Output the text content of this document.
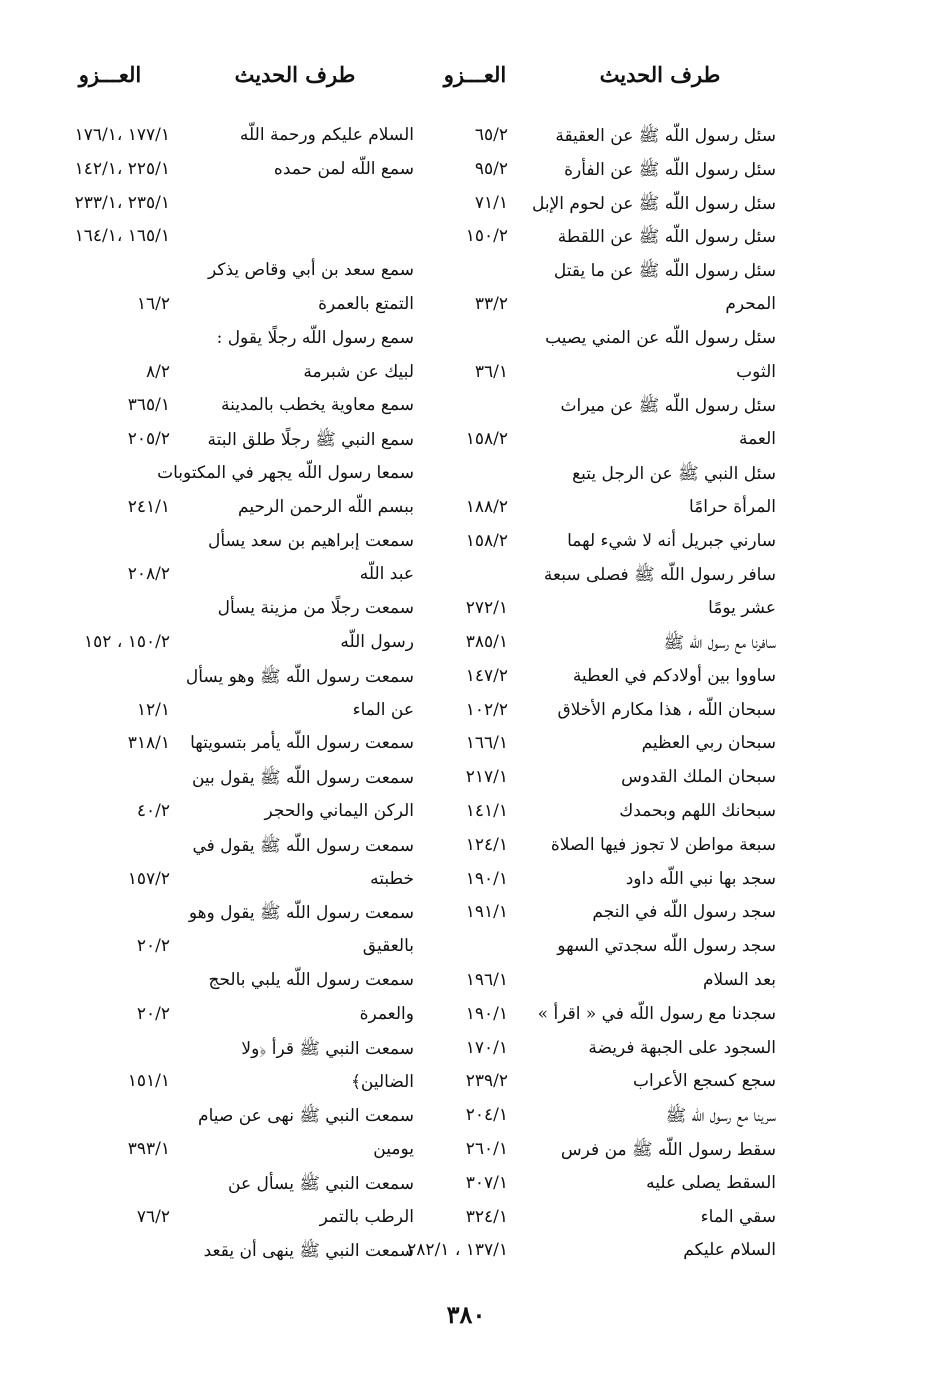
طرف الحديث
العـــزو
طرف الحديث
العـــزو
سئل رسول اللّه ﷺ عن العقيقة
٦٥/٢
السلام عليكم ورحمة اللّه
١٧٧/١ ،١٧٦/١
سئل رسول اللّه ﷺ عن الفأرة
٩٥/٢
سمع اللّه لمن حمده
٢٢٥/١ ،١٤٢/١
سئل رسول اللّه ﷺ عن لحوم الإبل
٧١/١
٢٣٥/١ ،٢٣٣/١
سئل رسول اللّه ﷺ عن اللقطة
١٥٠/٢
١٦٥/١ ،١٦٤/١
سئل رسول اللّه ﷺ عن ما يقتل
سمع سعد بن أبي وقاص يذكر
المحرم
٣٣/٢
التمتع بالعمرة
١٦/٢
سئل رسول اللّه عن المني يصيب
سمع رسول اللّه رجلًا يقول :
الثوب
٣٦/١
لبيك عن شبرمة
٨/٢
سئل رسول اللّه ﷺ عن ميراث
سمع معاوية يخطب بالمدينة
٣٦٥/١
العمة
١٥٨/٢
سمع النبي ﷺ رجلًا طلق البتة
٢٠٥/٢
سئل النبي ﷺ عن الرجل يتبع
سمعا رسول اللّه يجهر في المكتوبات
المرأة حرامًا
١٨٨/٢
ببسم اللّه الرحمن الرحيم
٢٤١/١
سارني جبريل أنه لا شيء لهما
١٥٨/٢
سمعت إبراهيم بن سعد يسأل
سافر رسول اللّه ﷺ فصلى سبعة
عبد اللّه
٢٠٨/٢
عشر يومًا
٢٧٢/١
سمعت رجلًا من مزينة يسأل
سافرنا مع رسول اللّه ﷺ
٣٨٥/١
رسول اللّه
١٥٠/٢ ، ١٥٢
ساووا بين أولادكم في العطية
١٤٧/٢
سمعت رسول اللّه ﷺ وهو يسأل
سبحان اللّه ، هذا مكارم الأخلاق
١٠٢/٢
عن الماء
١٢/١
سبحان ربي العظيم
١٦٦/١
سمعت رسول اللّه يأمر بتسويتها
٣١٨/١
سبحان الملك القدوس
٢١٧/١
سمعت رسول اللّه ﷺ يقول بين
سبحانك اللهم وبحمدك
١٤١/١
الركن اليماني والحجر
٤٠/٢
سبعة مواطن لا تجوز فيها الصلاة
١٢٤/١
سمعت رسول اللّه ﷺ يقول في
سجد بها نبي اللّه داود
١٩٠/١
خطبته
١٥٧/٢
سجد رسول اللّه في النجم
١٩١/١
سمعت رسول اللّه ﷺ يقول وهو
سجد رسول اللّه سجدتي السهو
بالعقيق
٢٠/٢
بعد السلام
١٩٦/١
سمعت رسول اللّه يلبي بالحج
سجدنا مع رسول اللّه في « اقرأ »
١٩٠/١
والعمرة
٢٠/٢
السجود على الجبهة فريضة
١٧٠/١
سمعت النبي ﷺ قرأ ﴿ولا
سجع كسجع الأعراب
٢٣٩/٢
الضالين﴾
١٥١/١
سرينا مع رسول اللّه ﷺ
٢٠٤/١
سمعت النبي ﷺ نهى عن صيام
سقط رسول اللّه ﷺ من فرس
٢٦٠/١
يومين
٣٩٣/١
السقط يصلى عليه
٣٠٧/١
سمعت النبي ﷺ يسأل عن
سقي الماء
٣٢٤/١
الرطب بالتمر
٧٦/٢
السلام عليكم
١٣٧/١ ، ٢٨٢/١
سمعت النبي ﷺ ينهى أن يقعد
٣٨٠
